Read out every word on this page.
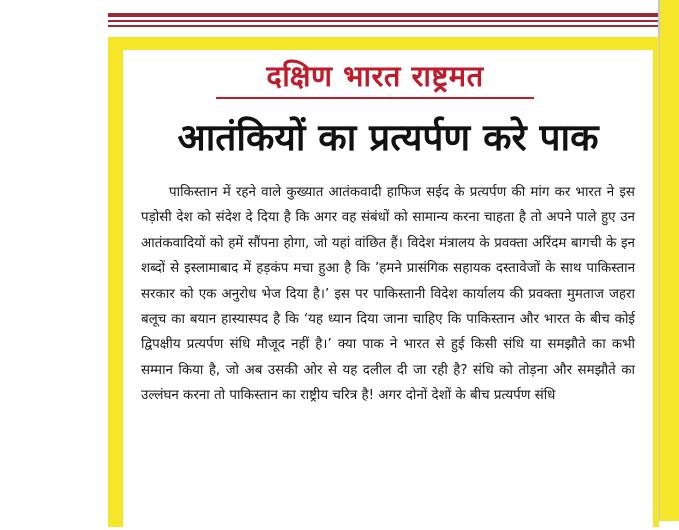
दक्षिण भारत राष्ट्रमत
आतंकियों का प्रत्यर्पण करे पाक
पाकिस्तान में रहने वाले कुख्यात आतंकवादी हाफिज सईद के प्रत्यर्पण की मांग कर भारत ने इस पड़ोसी देश को संदेश दे दिया है कि अगर वह संबंधों को सामान्य करना चाहता है तो अपने पाले हुए उन आतंकवादियों को हमें सौंपना होगा, जो यहां वांछित हैं। विदेश मंत्रालय के प्रवक्ता अरिंदम बागची के इन शब्दों से इस्लामाबाद में हड़कंप मचा हुआ है कि ’हमने प्रासंगिक सहायक दस्तावेजों के साथ पाकिस्तान सरकार को एक अनुरोध भेज दिया है।’ इस पर पाकिस्तानी विदेश कार्यालय की प्रवक्ता मुमताज जहरा बलूच का बयान हास्यास्पद है कि ‘यह ध्यान दिया जाना चाहिए कि पाकिस्तान और भारत के बीच कोई द्विपक्षीय प्रत्यर्पण संधि मौजूद नहीं है।’ क्या पाक ने भारत से हुई किसी संधि या समझौते का कभी सम्मान किया है, जो अब उसकी ओर से यह दलील दी जा रही है? संधि को तोड़ना और समझौते का उल्लंघन करना तो पाकिस्तान का राष्ट्रीय चरित्र है! अगर दोनों देशों के बीच प्रत्यर्पण संधि
